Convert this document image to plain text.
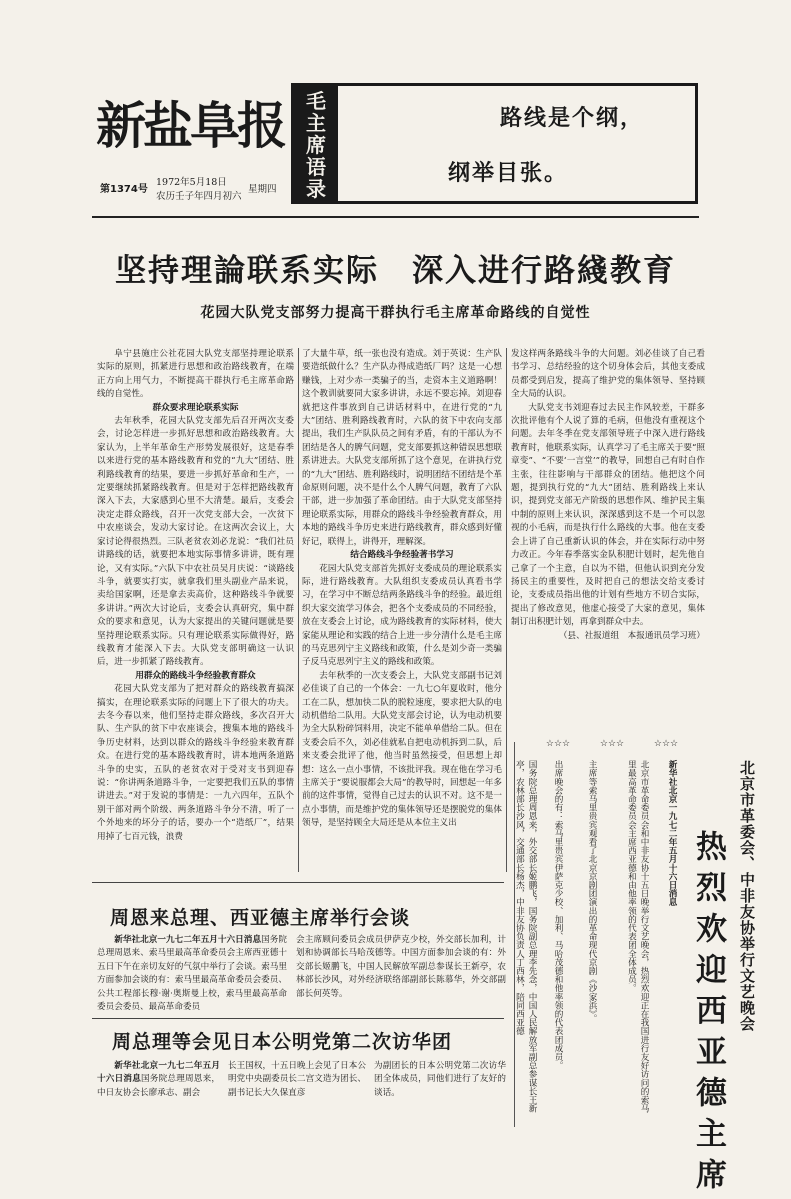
新盐阜报
第1374号
1972年5月18日
农历壬子年四月初六
星期四
毛
主
席
语
录
路线是个纲，
纲举目张。
坚持理論联系实际　深入进行路綫教育
花园大队党支部努力提高干群执行毛主席革命路线的自觉性

阜宁县施庄公社花园大队党支部坚持理论联系实际的原则，抓紧进行思想和政治路线教育，在端正方向上用气力，不断提高干群执行毛主席革命路线的自觉性。

群众要求理论联系实际

去年秋季，花园大队党支部先后召开两次支委会，讨论怎样进一步抓好思想和政治路线教育。大家认为，上半年革命生产形势发展很好，这是春季以来进行党的基本路线教育和党的“九大”团结、胜利路线教育的结果，要进一步抓好革命和生产，一定要继续抓紧路线教育。但是对于怎样把路线教育深入下去，大家感到心里不大清楚。最后，支委会决定走群众路线，召开一次党支部大会，一次贫下中农座谈会，发动大家讨论。在这两次会议上，大家讨论得很热烈。三队老贫农刘必龙说：“我们社员讲路线的话，就要把本地实际事情多讲讲，既有理论，又有实际。”六队下中农社员吴月庆说：“谈路线斗争，就要实打实，就拿我们里头副业产品来说，卖给国家啊，还是拿去卖高价，这种路线斗争就要多讲讲。”两次大讨论后，支委会认真研究，集中群众的要求和意见，认为大家提出的关键问题就是要坚持理论联系实际。只有理论联系实际做得好，路线教育才能深入下去。大队党支部明确这一认识后，进一步抓紧了路线教育。

用群众的路线斗争经验教育群众

花园大队党支部为了把对群众的路线教育搞深搞实，在理论联系实际的问题上下了很大的功夫。去冬今春以来，他们坚持走群众路线，多次召开大队、生产队的贫下中农座谈会，搜集本地的路线斗争历史材料，达到以群众的路线斗争经验来教育群众。在进行党的基本路线教育时，讲本地两条道路斗争的史实，五队的老贫农对于受对支书到迎春说：“你讲两条道路斗争，一定要把我们五队的事情讲进去。”对于发说的事情是：一九六四年，五队个别干部对两个阶级、两条道路斗争分不清，听了一个外地来的坏分子的话，要办一个“造纸厂”，结果用掉了七百元钱，浪费

了大量牛草，纸一张也没有造成。刘于英说：生产队要造纸做什么？生产队办得成造纸厂吗？这是一心想赚钱，上对少赤一类骗子的当，走资本主义道路啊！这个教训就要同大家多讲讲，永远不要忘掉。刘迎春就把这件事放到自己讲话材料中，在进行党的“九大”团结、胜利路线教育时，六队的贫下中农向支部提出，我们生产队队员之间有矛盾，有的干部认为不团结是各人的脾气问题，党支部要抓这种错误思想联系讲进去。大队党支部所抓了这个意见，在讲执行党的“九大”团结、胜利路线时，说明团结不团结是个革命原则问题，决不是什么个人脾气问题，教育了六队干部，进一步加强了革命团结。由于大队党支部坚持理论联系实际，用群众的路线斗争经验教育群众，用本地的路线斗争历史来进行路线教育，群众感到好懂好记，联得上，讲得开，理解深。

结合路线斗争经验著书学习

花园大队党支部首先抓好支委成员的理论联系实际，进行路线教育。大队组织支委成员认真看书学习，在学习中不断总结两条路线斗争的经验。最近组织大家交流学习体会，把各个支委成员的不同经验，放在支委会上讨论，成为路线教育的实际材料，使大家能从理论和实践的结合上进一步分清什么是毛主席的马克思列宁主义路线和政策，什么是刘少奇一类骗子反马克思列宁主义的路线和政策。

去年秋季的一次支委会上，大队党支部副书记刘必佳谈了自己的一个体会：一九七○年夏收时，他分工在二队，想加快二队的脱粒速度，要求把大队的电动机借给二队用。大队党支部会讨论，认为电动机要为全大队粉碎饲料用，决定不能单单借给二队。但在支委会后不久，刘必佳就私自把电动机拆到二队，后来支委会批评了他，他当时虽然接受，但思想上却想：这么一点小事情，不该批评我。现在他在学习毛主席关于“要说服都会大局”的教导时，回想起一年多前的这件事情，觉得自己过去的认识不对。这不是一点小事情，而是维护党的集体领导还是摆脱党的集体领导，是坚持顾全大局还是从本位主义出

发这样两条路线斗争的大问题。刘必佳谈了自己看书学习、总结经验的这个切身体会后，其他支委成员都受到启发，提高了维护党的集体领导、坚持顾全大局的认识。

大队党支书刘迎春过去民主作风较差，干群多次批评他有个人说了算的毛病，但他没有重视这个问题。去年冬季在党支部领导班子中深入进行路线教育时，他联系实际，认真学习了毛主席关于要“照章变”、“不要‘一言堂’”的教导，回想自己有时自作主张，往往影响与干部群众的团结。他把这个问题，提到执行党的“九大”团结、胜利路线上来认识，提到党支部无产阶级的思想作风、维护民主集中制的原则上来认识，深深感到这不是一个可以忽视的小毛病，而是执行什么路线的大事。他在支委会上讲了自己重新认识的体会，并在实际行动中努力改正。今年春季落实金队积肥计划时，起先他自己拿了一个主意，自以为不错，但他认识到充分发扬民主的重要性，及时把自己的想法交给支委讨论，支委成员指出他的计划有些地方不切合实际，提出了修改意见，他虚心接受了大家的意见，集体制订出积肥计划，再拿到群众中去。

（县、社报道组　本报通讯员学习班）

周恩来总理、西亚德主席举行会谈

新华社北京一九七二年五月十六日消息国务院总理周恩来、索马里最高革命委员会主席西亚德十五日下午在亲切友好的气氛中举行了会谈。索马里方面参加会谈的有：索马里最高革命委员会委员、公共工程部长穆·谢·奥斯曼上校，索马里最高革命委员会委员、最高革命委员

会主席顾问委员会成员伊萨克少校，外交部长加利，计划和协调部长马哈茂德等。中国方面参加会谈的有：外交部长姬鹏飞，中国人民解放军副总参谋长王新亭，农林部长沙风，对外经济联络部副部长陈慕华，外交部副部长何英等。

周总理等会见日本公明党第二次访华团

新华社北京一九七二年五月十六日消息国务院总理周恩来，中日友协会长廖承志、副会

长王国权，十五日晚上会见了日本公明党中央副委员长二宫文造为团长、副书记长大久保直彦

为副团长的日本公明党第二次访华团全体成员，同他们进行了友好的谈话。

☆☆☆	☆☆☆	☆☆☆
北京市革委会、中非友协举行文艺晚会
热烈欢迎西亚德主席
新华社北京一九七二年五月十六日消息
北京市革命委员会和中非友协十五日晚举行文艺晚会，热烈欢迎正在我国进行友好访问的索马里最高革命委员会主席西亚德和由他率领的代表团全体成员。
主席等索马里贵宾观看了北京京剧团演出的革命现代京剧《沙家浜》。
出席晚会的有：索马里贵宾伊萨克少校、加利、马哈茂德和他率领的代表团成员。
国务院总理周恩来，外交部长姬鹏飞，国务院副总理李先念，中国人民解放军副总参谋长王新亭，农林部长沙风，交通部长杨杰，中非友协负责人丁西林，陪同西亚德
